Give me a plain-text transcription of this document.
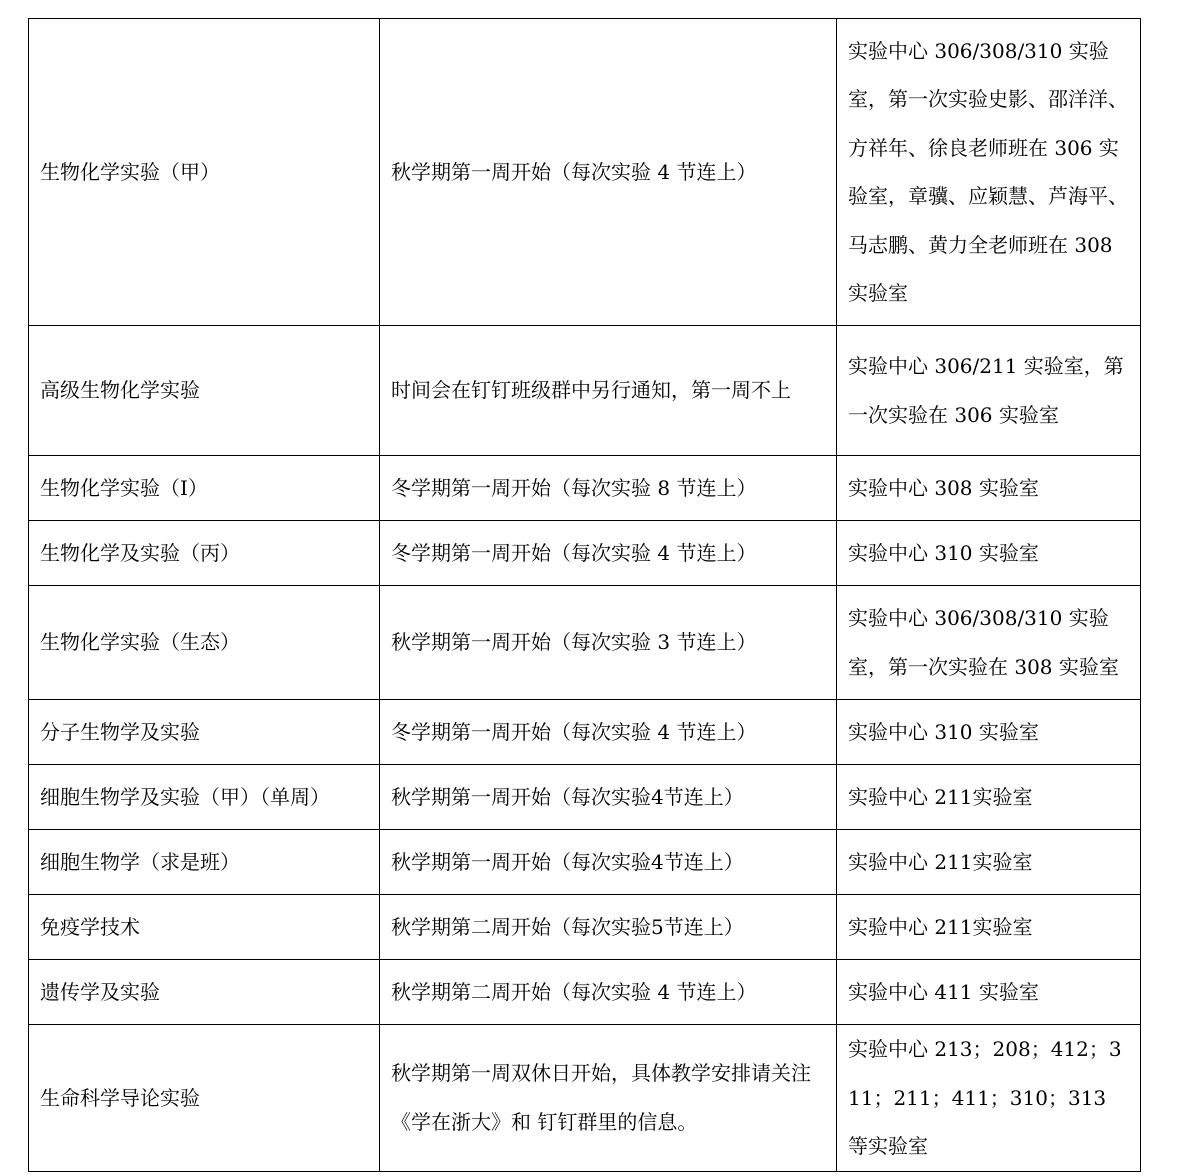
生物化学实验（甲）	秋学期第一周开始（每次实验 4 节连上）	实验中心 306/308/310 实验室，第一次实验史影、邵洋洋、方祥年、徐良老师班在 306 实验室，章骥、应颖慧、芦海平、马志鹏、黄力全老师班在 308 实验室
高级生物化学实验	时间会在钉钉班级群中另行通知，第一周不上	实验中心 306/211 实验室，第一次实验在 306 实验室
生物化学实验（I）	冬学期第一周开始（每次实验 8 节连上）	实验中心 308 实验室
生物化学及实验（丙）	冬学期第一周开始（每次实验 4 节连上）	实验中心 310 实验室
生物化学实验（生态）	秋学期第一周开始（每次实验 3 节连上）	实验中心 306/308/310 实验室，第一次实验在 308 实验室
分子生物学及实验	冬学期第一周开始（每次实验 4 节连上）	实验中心 310 实验室
细胞生物学及实验（甲）（单周）	秋学期第一周开始（每次实验4节连上）	实验中心 211实验室
细胞生物学（求是班）	秋学期第一周开始（每次实验4节连上）	实验中心 211实验室
免疫学技术	秋学期第二周开始（每次实验5节连上）	实验中心 211实验室
遗传学及实验	秋学期第二周开始（每次实验 4 节连上）	实验中心 411 实验室
生命科学导论实验	秋学期第一周双休日开始，具体教学安排请关注《学在浙大》和 钉钉群里的信息。	实验中心 213；208；412；311；211；411；310；313 等实验室
